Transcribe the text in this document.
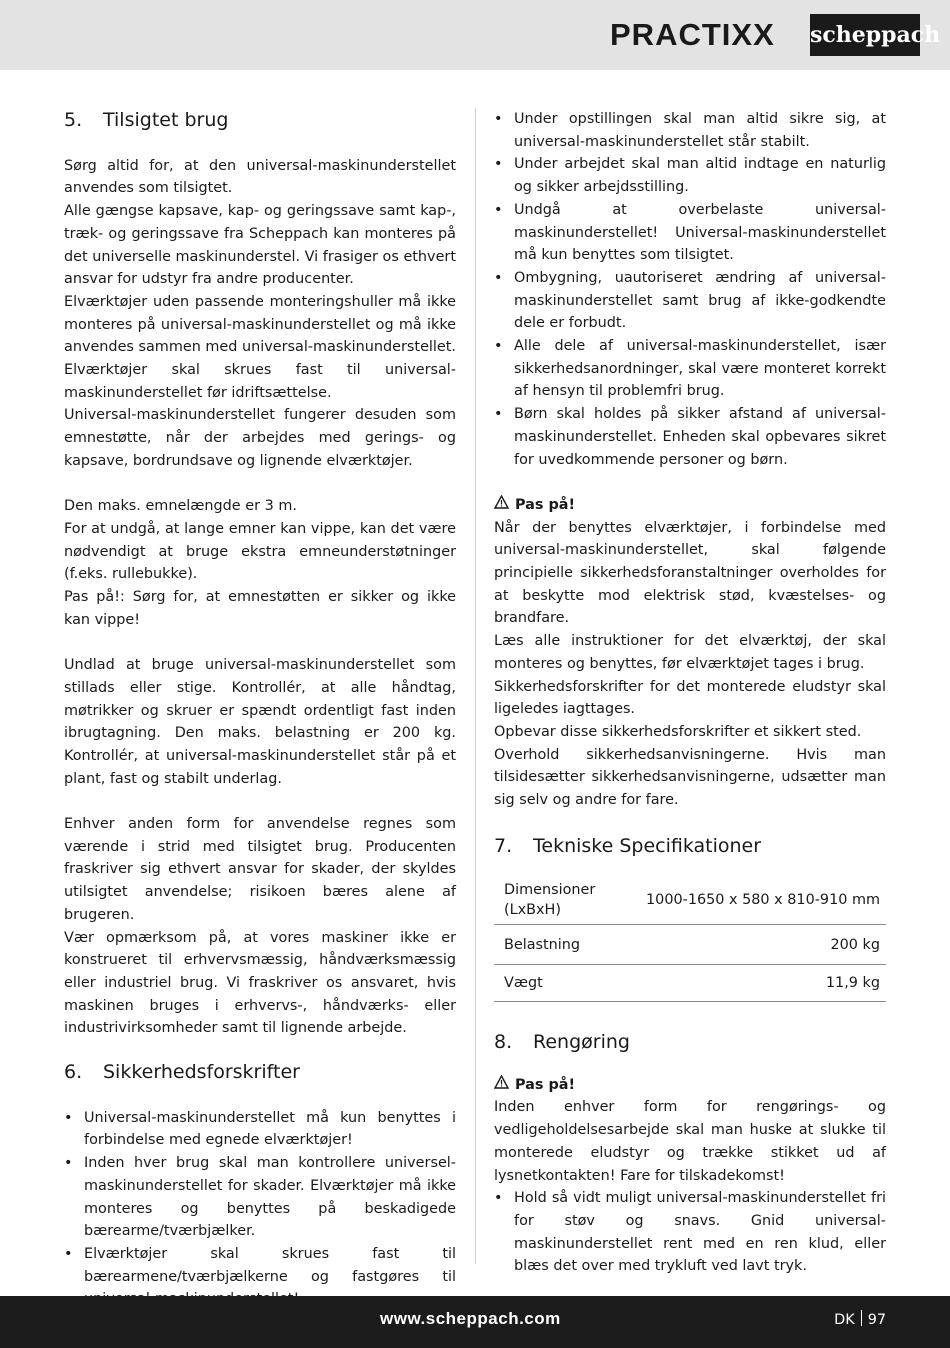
PRACTIXX scheppach
5.	Tilsigtet brug

Sørg altid for, at den universal-maskinunderstellet anvendes som tilsigtet.

Alle gængse kapsave, kap- og geringssave samt kap-, træk- og geringssave fra Scheppach kan monteres på det universelle maskinunderstel. Vi frasiger os ethvert ansvar for udstyr fra andre producenter.

Elværktøjer uden passende monteringshuller må ikke monteres på universal-maskinunderstellet og må ikke anvendes sammen med universal-maskinunderstellet.

Elværktøjer skal skrues fast til universal-maskinunderstellet før idriftsættelse.

Universal-maskinunderstellet fungerer desuden som emnestøtte, når der arbejdes med gerings- og kapsave, bordrundsave og lignende elværktøjer.

Den maks. emnelængde er 3 m.

For at undgå, at lange emner kan vippe, kan det være nødvendigt at bruge ekstra emneunderstøtninger (f.eks. rullebukke).

Pas på!: Sørg for, at emnestøtten er sikker og ikke kan vippe!

Undlad at bruge universal-maskinunderstellet som stillads eller stige. Kontrollér, at alle håndtag, møtrikker og skruer er spændt ordentligt fast inden ibrugtagning. Den maks. belastning er 200 kg. Kontrollér, at universal-maskinunderstellet står på et plant, fast og stabilt underlag.

Enhver anden form for anvendelse regnes som værende i strid med tilsigtet brug. Producenten fraskriver sig ethvert ansvar for skader, der skyldes utilsigtet anvendelse; risikoen bæres alene af brugeren.

Vær opmærksom på, at vores maskiner ikke er konstrueret til erhvervsmæssig, håndværksmæssig eller industriel brug. Vi fraskriver os ansvaret, hvis maskinen bruges i erhvervs-, håndværks- eller industrivirksomheder samt til lignende arbejde.

6.	Sikkerhedsforskrifter
• Universal-maskinunderstellet må kun benyttes i forbindelse med egnede elværktøjer!
• Inden hver brug skal man kontrollere universel-maskinunderstellet for skader. Elværktøjer må ikke monteres og benyttes på beskadigede bærearme/tværbjælker.
• Elværktøjer skal skrues fast til bærearmene/tværbjælkerne og fastgøres til
• Under opstillingen skal man altid sikre sig, at universal-maskinunderstellet står stabilt.
• Under arbejdet skal man altid indtage en naturlig og sikker arbejdsstilling.
• Undgå at overbelaste universal-maskinunderstellet! Universal-maskinunderstellet må kun benyttes som tilsigtet.
• Ombygning, uautoriseret ændring af universal-maskinunderstellet samt brug af ikke-godkendte dele er forbudt.
• Alle dele af universal-maskinunderstellet, især sikkerhedsanordninger, skal være monteret korrekt af hensyn til problemfri brug.
• Børn skal holdes på sikker afstand af universal-maskinunderstellet. Enheden skal opbevares sikret for uvedkommende personer og børn.
Pas på!

Når der benyttes elværktøjer, i forbindelse med universal-maskinunderstellet, skal følgende principielle sikkerhedsforanstaltninger overholdes for at beskytte mod elektrisk stød, kvæstelses- og brandfare.

Læs alle instruktioner for det elværktøj, der skal monteres og benyttes, før elværktøjet tages i brug.

Sikkerhedsforskrifter for det monterede eludstyr skal ligeledes iagttages.

Opbevar disse sikkerhedsforskrifter et sikkert sted.

Overhold sikkerhedsanvisningerne. Hvis man tilsidesætter sikkerhedsanvisningerne, udsætter man sig selv og andre for fare.

7.	Tekniske Specifikationer
Dimensioner (LxBxH)	1000-1650 x 580 x 810-910 mm
Belastning	200 kg
Vægt	11,9 kg
8.	Rengøring
Pas på!

Inden enhver form for rengørings- og vedligeholdelsesarbejde skal man huske at slukke til monterede eludstyr og trække stikket ud af lysnetkontakten! Fare for tilskadekomst!

• Hold så vidt muligt universal-maskinunderstellet fri for støv og snavs. Gnid universal-maskinunderstellet rent med en ren klud, eller blæs det over med trykluft ved lavt tryk.
www.scheppach.com	DK 97
